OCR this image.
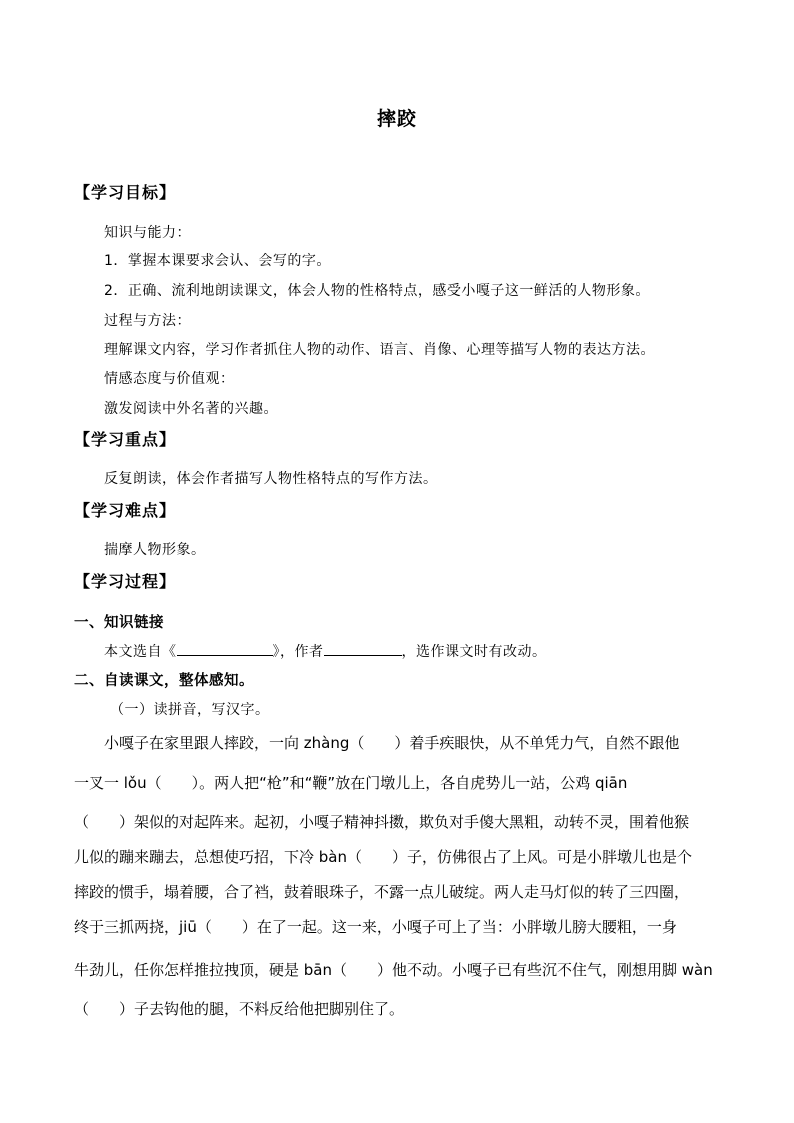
摔跤
【学习目标】
知识与能力：
1．掌握本课要求会认、会写的字。
2．正确、流利地朗读课文，体会人物的性格特点，感受小嘎子这一鲜活的人物形象。
过程与方法：
理解课文内容，学习作者抓住人物的动作、语言、肖像、心理等描写人物的表达方法。
情感态度与价值观：
激发阅读中外名著的兴趣。
【学习重点】
反复朗读，体会作者描写人物性格特点的写作方法。
【学习难点】
揣摩人物形象。
【学习过程】
一、知识链接
本文选自《	》，作者	，选作课文时有改动。
二、自读课文，整体感知。
（一）读拼音，写汉字。
小嘎子在家里跟人摔跤，一向 zhàng（　　）着手疾眼快，从不单凭力气，自然不跟他
一叉一 lǒu（　　）。两人把“枪”和“鞭”放在门墩儿上，各自虎势儿一站，公鸡 qiān
（　　）架似的对起阵来。起初，小嘎子精神抖擞，欺负对手傻大黑粗，动转不灵，围着他猴
儿似的蹦来蹦去，总想使巧招，下冷 bàn（　　）子，仿佛很占了上风。可是小胖墩儿也是个
摔跤的惯手，塌着腰，合了裆，鼓着眼珠子，不露一点儿破绽。两人走马灯似的转了三四圈，
终于三抓两挠，jiū（　　）在了一起。这一来，小嘎子可上了当：小胖墩儿膀大腰粗，一身
牛劲儿，任你怎样推拉拽顶，硬是 bān（　　）他不动。小嘎子已有些沉不住气，刚想用脚 wàn
（　　）子去钩他的腿，不料反给他把脚别住了。
